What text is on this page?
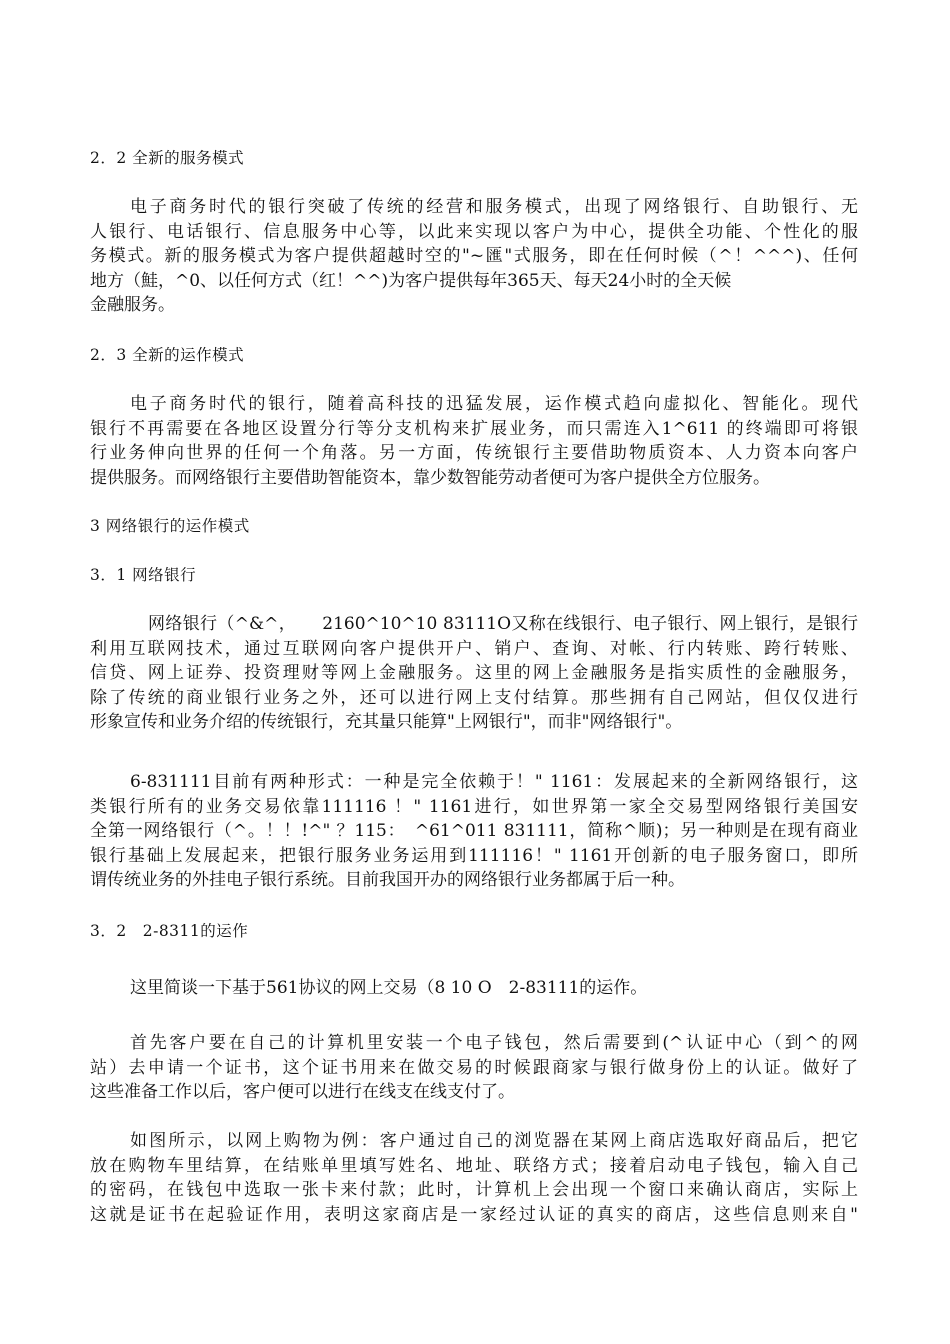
2．2 全新的服务模式
电子商务时代的银行突破了传统的经营和服务模式，出现了网络银行、自助银行、无
人银行、电话银行、信息服务中心等，以此来实现以客户为中心，提供全功能、个性化的服
务模式。新的服务模式为客户提供超越时空的"~匯"式服务，即在任何时候（^！^^^)、任何
地方（鮭，^0、以任何方式（红！^^)为客户提供每年365天、每天24小时的全天候
金融服务。
2．3 全新的运作模式
电子商务时代的银行，随着高科技的迅猛发展，运作模式趋向虚拟化、智能化。现代
银行不再需要在各地区设置分行等分支机构来扩展业务，而只需连入1^611 的终端即可将银
行业务伸向世界的任何一个角落。另一方面，传统银行主要借助物质资本、人力资本向客户
提供服务。而网络银行主要借助智能资本，靠少数智能劳动者便可为客户提供全方位服务。
3 网络银行的运作模式
3．1 网络银行
网络银行（^&^，　　2160^10^10 83111O又称在线银行、电子银行、网上银行，是银行
利用互联网技术，通过互联网向客户提供开户、销户、查询、对帐、行内转账、跨行转账、
信贷、网上证券、投资理财等网上金融服务。这里的网上金融服务是指实质性的金融服务，
除了传统的商业银行业务之外，还可以进行网上支付结算。那些拥有自己网站，但仅仅进行
形象宣传和业务介绍的传统银行，充其量只能算"上网银行"，而非"网络银行"。
6-831111目前有两种形式：一种是完全依赖于！" 1161：发展起来的全新网络银行，这
类银行所有的业务交易依靠111116 ！" 1161进行，如世界第一家全交易型网络银行美国安
全第一网络银行（^。！！!^" ？115：　^61^011 831111，简称^顺)；另一种则是在现有商业
银行基础上发展起来，把银行服务业务运用到111116！" 1161开创新的电子服务窗口，即所
谓传统业务的外挂电子银行系统。目前我国开办的网络银行业务都属于后一种。
3．2　2-8311的运作
这里简谈一下基于561协议的网上交易（8 10 O　2-83111的运作。
首先客户要在自己的计算机里安装一个电子钱包，然后需要到(^认证中心（到^的网
站）去申请一个证书，这个证书用来在做交易的时候跟商家与银行做身份上的认证。做好了
这些准备工作以后，客户便可以进行在线支在线支付了。
如图所示，以网上购物为例：客户通过自己的浏览器在某网上商店选取好商品后，把它
放在购物车里结算，在结账单里填写姓名、地址、联络方式；接着启动电子钱包，输入自己
的密码，在钱包中选取一张卡来付款；此时，计算机上会出现一个窗口来确认商店，实际上
这就是证书在起验证作用，表明这家商店是一家经过认证的真实的商店，这些信息则来自"
